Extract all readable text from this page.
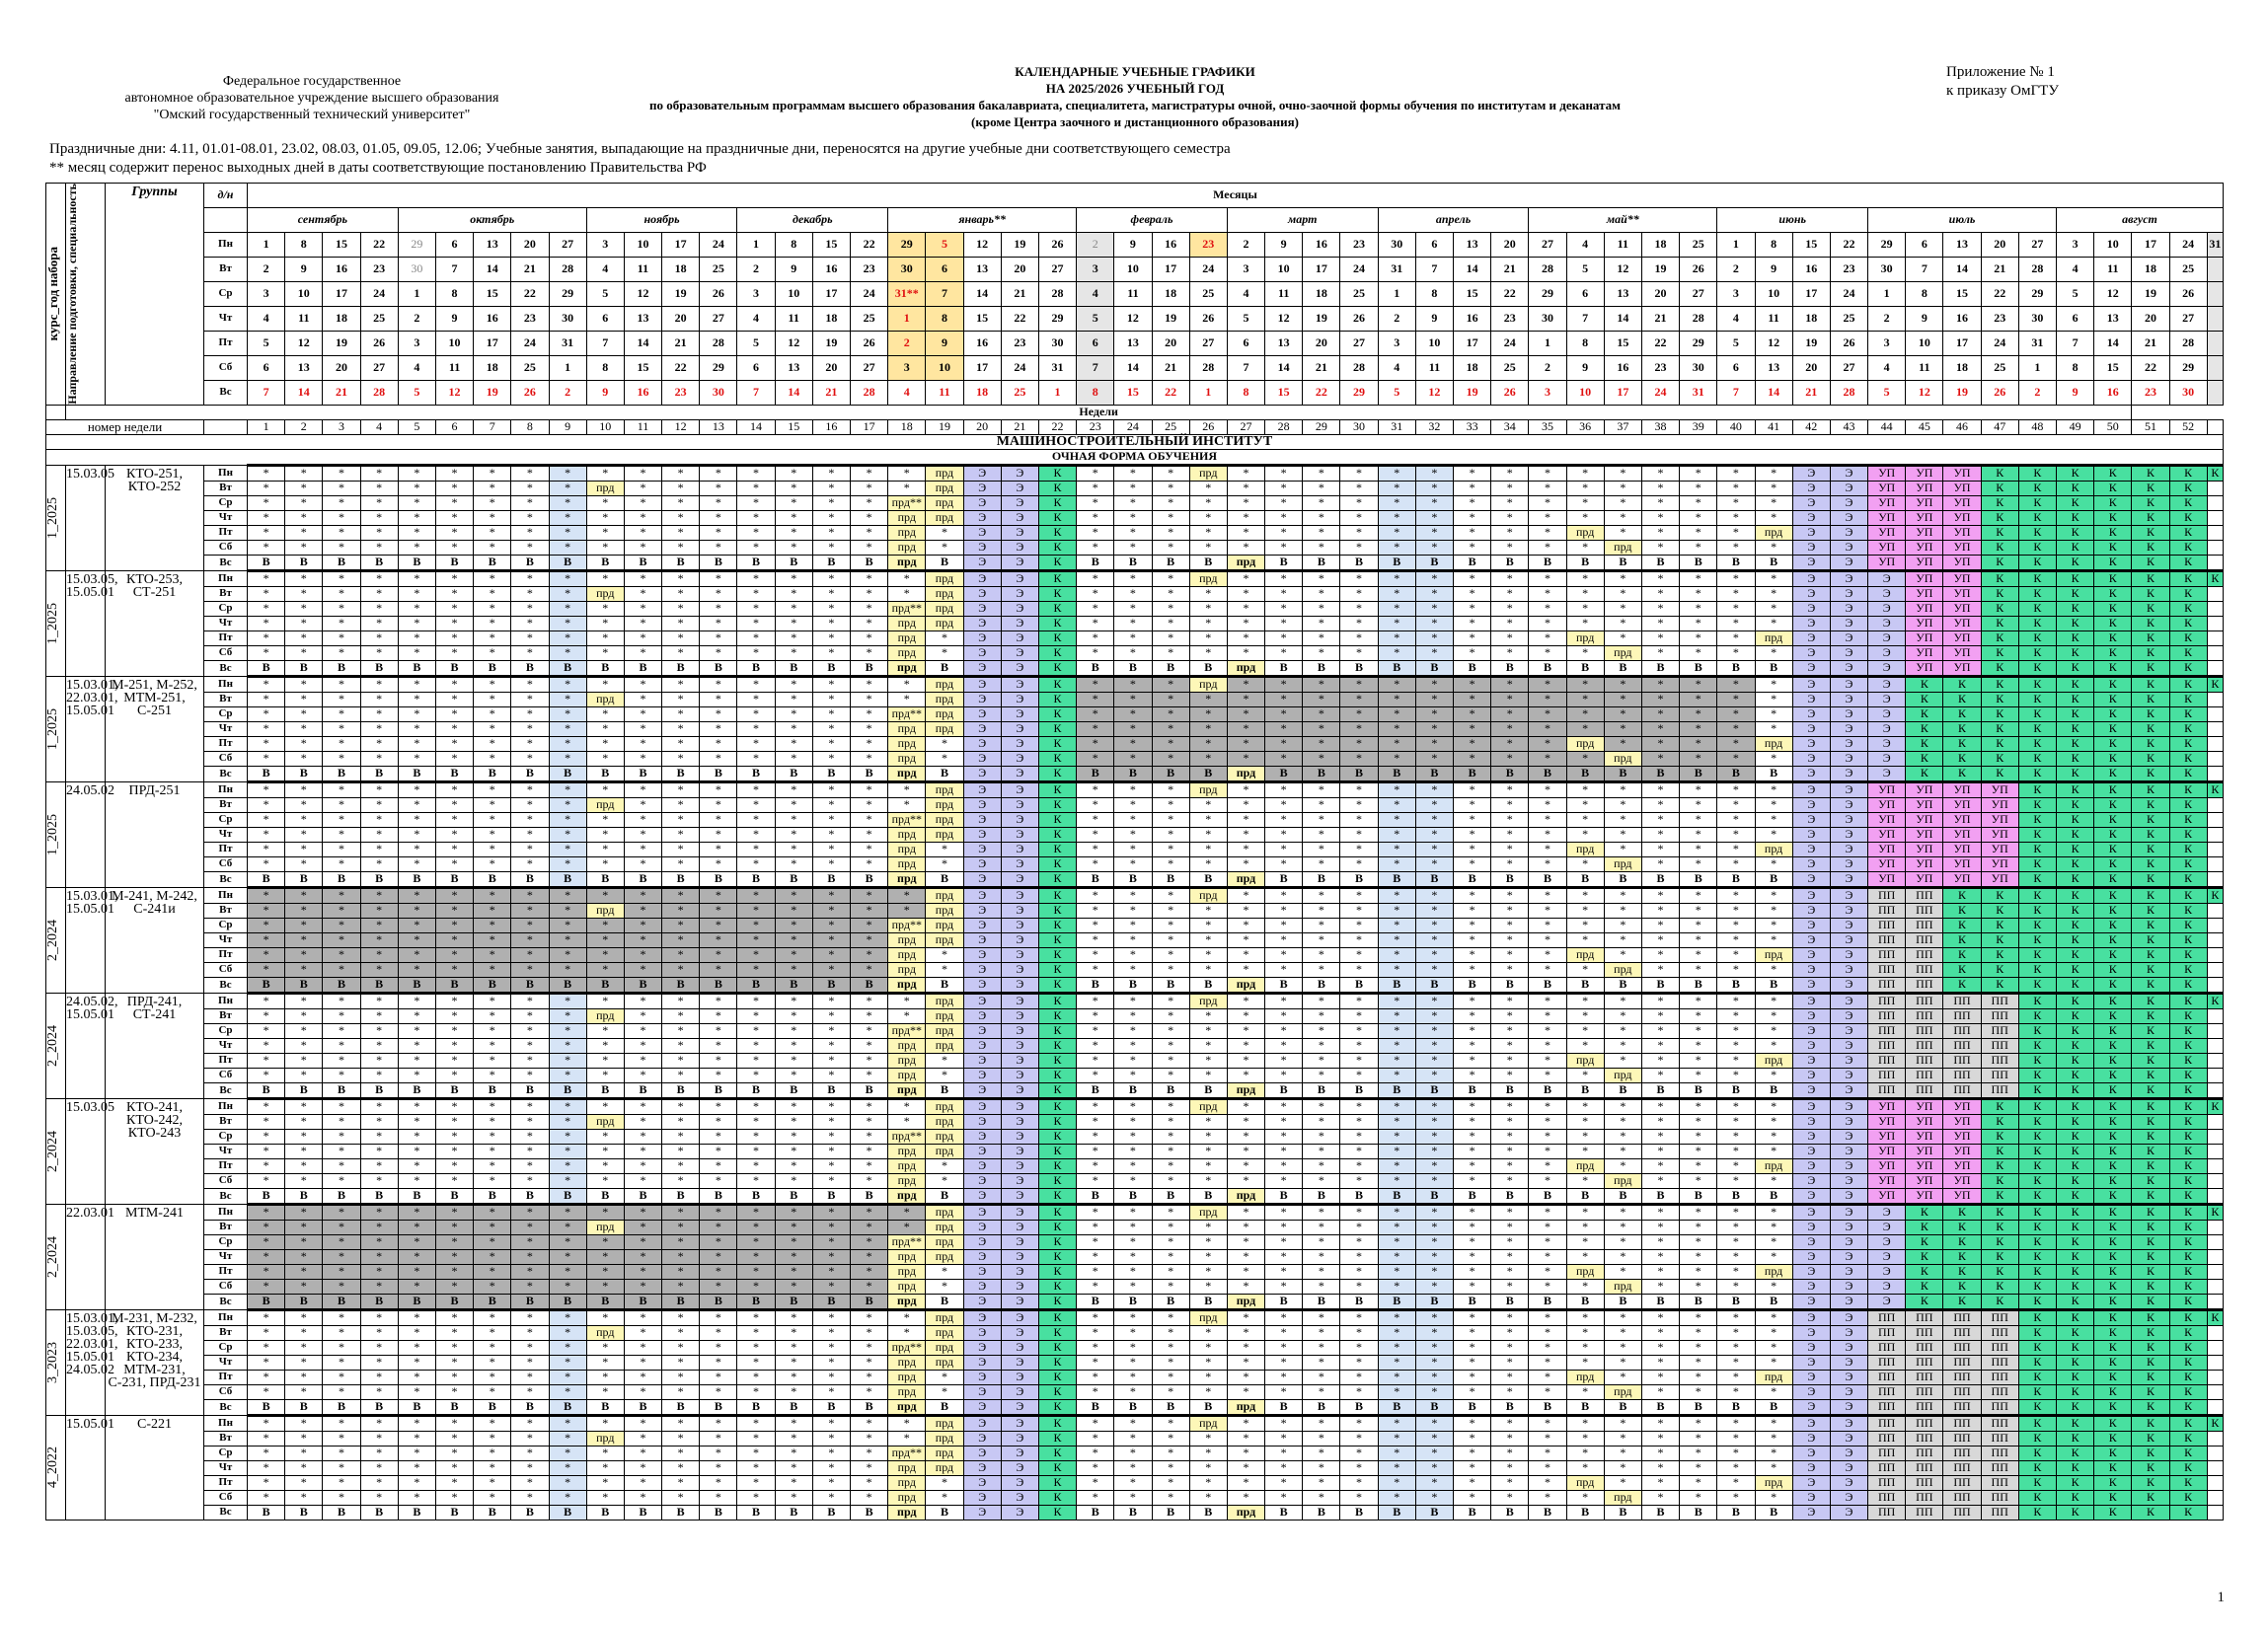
Федеральное государственное
автономное образовательное учреждение высшего образования
"Омский государственный технический университет"
КАЛЕНДАРНЫЕ УЧЕБНЫЕ ГРАФИКИ
НА 2025/2026 УЧЕБНЫЙ ГОД
по образовательным программам высшего образования бакалавриата, специалитета, магистратуры очной, очно-заочной формы обучения по институтам и деканатам
(кроме Центра заочного и дистанционного образования)
Приложение № 1
к приказу ОмГТУ
Праздничные дни: 4.11, 01.01-08.01, 23.02, 08.03, 01.05, 09.05, 12.06; Учебные занятия, выпадающие на праздничные дни, переносятся на другие учебные дни соответствующего семестра
** месяц содержит перенос выходных дней в даты соответствующие постановлению Правительства РФ
курс_год набора	Направление подготовки, специальность	Группы	д/н	Месяцы																																																				
				сентябрь				октябрь					ноябрь				декабрь				январь**					февраль				март				апрель				май**					июнь				июль					август				
			Пн	1	8	15	22	29	6	13	20	27	3	10	17	24	1	8	15	22	29	5	12	19	26	2	9	16	23	2	9	16	23	30	6	13	20	27	4	11	18	25	1	8	15	22	29	6	13	20	27	3	10	17	24	31
			Вт	2	9	16	23	30	7	14	21	28	4	11	18	25	2	9	16	23	30	6	13	20	27	3	10	17	24	3	10	17	24	31	7	14	21	28	5	12	19	26	2	9	16	23	30	7	14	21	28	4	11	18	25	
			Ср	3	10	17	24	1	8	15	22	29	5	12	19	26	3	10	17	24	31**	7	14	21	28	4	11	18	25	4	11	18	25	1	8	15	22	29	6	13	20	27	3	10	17	24	1	8	15	22	29	5	12	19	26	
			Чт	4	11	18	25	2	9	16	23	30	6	13	20	27	4	11	18	25	1	8	15	22	29	5	12	19	26	5	12	19	26	2	9	16	23	30	7	14	21	28	4	11	18	25	2	9	16	23	30	6	13	20	27	
			Пт	5	12	19	26	3	10	17	24	31	7	14	21	28	5	12	19	26	2	9	16	23	30	6	13	20	27	6	13	20	27	3	10	17	24	1	8	15	22	29	5	12	19	26	3	10	17	24	31	7	14	21	28	
			Сб	6	13	20	27	4	11	18	25	1	8	15	22	29	6	13	20	27	3	10	17	24	31	7	14	21	28	7	14	21	28	4	11	18	25	2	9	16	23	30	6	13	20	27	4	11	18	25	1	8	15	22	29	
			Вс	7	14	21	28	5	12	19	26	2	9	16	23	30	7	14	21	28	4	11	18	25	1	8	15	22	1	8	15	22	29	5	12	19	26	3	10	17	24	31	7	14	21	28	5	12	19	26	2	9	16	23	30	
	Недели																																																							
номер недели				1	2	3	4	5	6	7	8	9	10	11	12	13	14	15	16	17	18	19	20	21	22	23	24	25	26	27	28	29	30	31	32	33	34	35	36	37	38	39	40	41	42	43	44	45	46	47	48	49	50	51	52	
МАШИНОСТРОИТЕЛЬНЫЙ ИНСТИТУТ																																																								
ОЧНАЯ ФОРМА ОБУЧЕНИЯ																																																								

1_2025	15.03.05	КТО-251, КТО-252	Пн	*	*	*	*	*	*	*	*	*	*	*	*	*	*	*	*	*	*	прд	Э	Э	К	*	*	*	прд	*	*	*	*	*	*	*	*	*	*	*	*	*	*	*	Э	Э	УП	УП	УП	К	К	К	К	К	К	К
			Вт	*	*	*	*	*	*	*	*	*	прд	*	*	*	*	*	*	*	*	прд	Э	Э	К	*	*	*	*	*	*	*	*	*	*	*	*	*	*	*	*	*	*	*	Э	Э	УП	УП	УП	К	К	К	К	К	К	
			Ср	*	*	*	*	*	*	*	*	*	*	*	*	*	*	*	*	*	прд**	прд	Э	Э	К	*	*	*	*	*	*	*	*	*	*	*	*	*	*	*	*	*	*	*	Э	Э	УП	УП	УП	К	К	К	К	К	К	
			Чт	*	*	*	*	*	*	*	*	*	*	*	*	*	*	*	*	*	прд	прд	Э	Э	К	*	*	*	*	*	*	*	*	*	*	*	*	*	*	*	*	*	*	*	Э	Э	УП	УП	УП	К	К	К	К	К	К	
			Пт	*	*	*	*	*	*	*	*	*	*	*	*	*	*	*	*	*	прд	*	Э	Э	К	*	*	*	*	*	*	*	*	*	*	*	*	*	прд	*	*	*	*	прд	Э	Э	УП	УП	УП	К	К	К	К	К	К	
			Сб	*	*	*	*	*	*	*	*	*	*	*	*	*	*	*	*	*	прд	*	Э	Э	К	*	*	*	*	*	*	*	*	*	*	*	*	*	*	прд	*	*	*	*	Э	Э	УП	УП	УП	К	К	К	К	К	К	
			Вс	В	В	В	В	В	В	В	В	В	В	В	В	В	В	В	В	В	прд	В	Э	Э	К	В	В	В	В	прд	В	В	В	В	В	В	В	В	В	В	В	В	В	В	Э	Э	УП	УП	УП	К	К	К	К	К	К	

1_2025	15.03.05, 15.05.01	КТО-253, СТ-251	Пн	*	*	*	*	*	*	*	*	*	*	*	*	*	*	*	*	*	*	прд	Э	Э	К	*	*	*	прд	*	*	*	*	*	*	*	*	*	*	*	*	*	*	*	Э	Э	Э	УП	УП	К	К	К	К	К	К	К
			Вт	*	*	*	*	*	*	*	*	*	прд	*	*	*	*	*	*	*	*	прд	Э	Э	К	*	*	*	*	*	*	*	*	*	*	*	*	*	*	*	*	*	*	*	Э	Э	Э	УП	УП	К	К	К	К	К	К	
			Ср	*	*	*	*	*	*	*	*	*	*	*	*	*	*	*	*	*	прд**	прд	Э	Э	К	*	*	*	*	*	*	*	*	*	*	*	*	*	*	*	*	*	*	*	Э	Э	Э	УП	УП	К	К	К	К	К	К	
			Чт	*	*	*	*	*	*	*	*	*	*	*	*	*	*	*	*	*	прд	прд	Э	Э	К	*	*	*	*	*	*	*	*	*	*	*	*	*	*	*	*	*	*	*	Э	Э	Э	УП	УП	К	К	К	К	К	К	
			Пт	*	*	*	*	*	*	*	*	*	*	*	*	*	*	*	*	*	прд	*	Э	Э	К	*	*	*	*	*	*	*	*	*	*	*	*	*	прд	*	*	*	*	прд	Э	Э	Э	УП	УП	К	К	К	К	К	К	
			Сб	*	*	*	*	*	*	*	*	*	*	*	*	*	*	*	*	*	прд	*	Э	Э	К	*	*	*	*	*	*	*	*	*	*	*	*	*	*	прд	*	*	*	*	Э	Э	Э	УП	УП	К	К	К	К	К	К	
			Вс	В	В	В	В	В	В	В	В	В	В	В	В	В	В	В	В	В	прд	В	Э	Э	К	В	В	В	В	прд	В	В	В	В	В	В	В	В	В	В	В	В	В	В	Э	Э	Э	УП	УП	К	К	К	К	К	К	

1_2025	15.03.01, 22.03.01, 15.05.01	М-251, М-252, МТМ-251, С-251	Пн	*	*	*	*	*	*	*	*	*	*	*	*	*	*	*	*	*	*	прд	Э	Э	К	*	*	*	прд	*	*	*	*	*	*	*	*	*	*	*	*	*	*	*	Э	Э	Э	К	К	К	К	К	К	К	К	К
			Вт	*	*	*	*	*	*	*	*	*	прд	*	*	*	*	*	*	*	*	прд	Э	Э	К	*	*	*	*	*	*	*	*	*	*	*	*	*	*	*	*	*	*	*	Э	Э	Э	К	К	К	К	К	К	К	К	
			Ср	*	*	*	*	*	*	*	*	*	*	*	*	*	*	*	*	*	прд**	прд	Э	Э	К	*	*	*	*	*	*	*	*	*	*	*	*	*	*	*	*	*	*	*	Э	Э	Э	К	К	К	К	К	К	К	К	
			Чт	*	*	*	*	*	*	*	*	*	*	*	*	*	*	*	*	*	прд	прд	Э	Э	К	*	*	*	*	*	*	*	*	*	*	*	*	*	*	*	*	*	*	*	Э	Э	Э	К	К	К	К	К	К	К	К	
			Пт	*	*	*	*	*	*	*	*	*	*	*	*	*	*	*	*	*	прд	*	Э	Э	К	*	*	*	*	*	*	*	*	*	*	*	*	*	прд	*	*	*	*	прд	Э	Э	Э	К	К	К	К	К	К	К	К	
			Сб	*	*	*	*	*	*	*	*	*	*	*	*	*	*	*	*	*	прд	*	Э	Э	К	*	*	*	*	*	*	*	*	*	*	*	*	*	*	прд	*	*	*	*	Э	Э	Э	К	К	К	К	К	К	К	К	
			Вс	В	В	В	В	В	В	В	В	В	В	В	В	В	В	В	В	В	прд	В	Э	Э	К	В	В	В	В	прд	В	В	В	В	В	В	В	В	В	В	В	В	В	В	Э	Э	Э	К	К	К	К	К	К	К	К	

1_2025	24.05.02	ПРД-251	Пн	*	*	*	*	*	*	*	*	*	*	*	*	*	*	*	*	*	*	прд	Э	Э	К	*	*	*	прд	*	*	*	*	*	*	*	*	*	*	*	*	*	*	*	Э	Э	УП	УП	УП	УП	К	К	К	К	К	К
			Вт	*	*	*	*	*	*	*	*	*	прд	*	*	*	*	*	*	*	*	прд	Э	Э	К	*	*	*	*	*	*	*	*	*	*	*	*	*	*	*	*	*	*	*	Э	Э	УП	УП	УП	УП	К	К	К	К	К	
			Ср	*	*	*	*	*	*	*	*	*	*	*	*	*	*	*	*	*	прд**	прд	Э	Э	К	*	*	*	*	*	*	*	*	*	*	*	*	*	*	*	*	*	*	*	Э	Э	УП	УП	УП	УП	К	К	К	К	К	
			Чт	*	*	*	*	*	*	*	*	*	*	*	*	*	*	*	*	*	прд	прд	Э	Э	К	*	*	*	*	*	*	*	*	*	*	*	*	*	*	*	*	*	*	*	Э	Э	УП	УП	УП	УП	К	К	К	К	К	
			Пт	*	*	*	*	*	*	*	*	*	*	*	*	*	*	*	*	*	прд	*	Э	Э	К	*	*	*	*	*	*	*	*	*	*	*	*	*	прд	*	*	*	*	прд	Э	Э	УП	УП	УП	УП	К	К	К	К	К	
			Сб	*	*	*	*	*	*	*	*	*	*	*	*	*	*	*	*	*	прд	*	Э	Э	К	*	*	*	*	*	*	*	*	*	*	*	*	*	*	прд	*	*	*	*	Э	Э	УП	УП	УП	УП	К	К	К	К	К	
			Вс	В	В	В	В	В	В	В	В	В	В	В	В	В	В	В	В	В	прд	В	Э	Э	К	В	В	В	В	прд	В	В	В	В	В	В	В	В	В	В	В	В	В	В	Э	Э	УП	УП	УП	УП	К	К	К	К	К	

2_2024	15.03.01, 15.05.01	М-241, М-242, С-241и	Пн	*	*	*	*	*	*	*	*	*	*	*	*	*	*	*	*	*	*	прд	Э	Э	К	*	*	*	прд	*	*	*	*	*	*	*	*	*	*	*	*	*	*	*	Э	Э	ПП	ПП	К	К	К	К	К	К	К	К
			Вт	*	*	*	*	*	*	*	*	*	прд	*	*	*	*	*	*	*	*	прд	Э	Э	К	*	*	*	*	*	*	*	*	*	*	*	*	*	*	*	*	*	*	*	Э	Э	ПП	ПП	К	К	К	К	К	К	К	
			Ср	*	*	*	*	*	*	*	*	*	*	*	*	*	*	*	*	*	прд**	прд	Э	Э	К	*	*	*	*	*	*	*	*	*	*	*	*	*	*	*	*	*	*	*	Э	Э	ПП	ПП	К	К	К	К	К	К	К	
			Чт	*	*	*	*	*	*	*	*	*	*	*	*	*	*	*	*	*	прд	прд	Э	Э	К	*	*	*	*	*	*	*	*	*	*	*	*	*	*	*	*	*	*	*	Э	Э	ПП	ПП	К	К	К	К	К	К	К	
			Пт	*	*	*	*	*	*	*	*	*	*	*	*	*	*	*	*	*	прд	*	Э	Э	К	*	*	*	*	*	*	*	*	*	*	*	*	*	прд	*	*	*	*	прд	Э	Э	ПП	ПП	К	К	К	К	К	К	К	
			Сб	*	*	*	*	*	*	*	*	*	*	*	*	*	*	*	*	*	прд	*	Э	Э	К	*	*	*	*	*	*	*	*	*	*	*	*	*	*	прд	*	*	*	*	Э	Э	ПП	ПП	К	К	К	К	К	К	К	
			Вс	В	В	В	В	В	В	В	В	В	В	В	В	В	В	В	В	В	прд	В	Э	Э	К	В	В	В	В	прд	В	В	В	В	В	В	В	В	В	В	В	В	В	В	Э	Э	ПП	ПП	К	К	К	К	К	К	К	

2_2024	24.05.02, 15.05.01	ПРД-241, СТ-241	Пн	*	*	*	*	*	*	*	*	*	*	*	*	*	*	*	*	*	*	прд	Э	Э	К	*	*	*	прд	*	*	*	*	*	*	*	*	*	*	*	*	*	*	*	Э	Э	ПП	ПП	ПП	ПП	К	К	К	К	К	К
			Вт	*	*	*	*	*	*	*	*	*	прд	*	*	*	*	*	*	*	*	прд	Э	Э	К	*	*	*	*	*	*	*	*	*	*	*	*	*	*	*	*	*	*	*	Э	Э	ПП	ПП	ПП	ПП	К	К	К	К	К	
			Ср	*	*	*	*	*	*	*	*	*	*	*	*	*	*	*	*	*	прд**	прд	Э	Э	К	*	*	*	*	*	*	*	*	*	*	*	*	*	*	*	*	*	*	*	Э	Э	ПП	ПП	ПП	ПП	К	К	К	К	К	
			Чт	*	*	*	*	*	*	*	*	*	*	*	*	*	*	*	*	*	прд	прд	Э	Э	К	*	*	*	*	*	*	*	*	*	*	*	*	*	*	*	*	*	*	*	Э	Э	ПП	ПП	ПП	ПП	К	К	К	К	К	
			Пт	*	*	*	*	*	*	*	*	*	*	*	*	*	*	*	*	*	прд	*	Э	Э	К	*	*	*	*	*	*	*	*	*	*	*	*	*	прд	*	*	*	*	прд	Э	Э	ПП	ПП	ПП	ПП	К	К	К	К	К	
			Сб	*	*	*	*	*	*	*	*	*	*	*	*	*	*	*	*	*	прд	*	Э	Э	К	*	*	*	*	*	*	*	*	*	*	*	*	*	*	прд	*	*	*	*	Э	Э	ПП	ПП	ПП	ПП	К	К	К	К	К	
			Вс	В	В	В	В	В	В	В	В	В	В	В	В	В	В	В	В	В	прд	В	Э	Э	К	В	В	В	В	прд	В	В	В	В	В	В	В	В	В	В	В	В	В	В	Э	Э	ПП	ПП	ПП	ПП	К	К	К	К	К	

2_2024	15.03.05	КТО-241, КТО-242, КТО-243	Пн	*	*	*	*	*	*	*	*	*	*	*	*	*	*	*	*	*	*	прд	Э	Э	К	*	*	*	прд	*	*	*	*	*	*	*	*	*	*	*	*	*	*	*	Э	Э	УП	УП	УП	К	К	К	К	К	К	К
			Вт	*	*	*	*	*	*	*	*	*	прд	*	*	*	*	*	*	*	*	прд	Э	Э	К	*	*	*	*	*	*	*	*	*	*	*	*	*	*	*	*	*	*	*	Э	Э	УП	УП	УП	К	К	К	К	К	К	
			Ср	*	*	*	*	*	*	*	*	*	*	*	*	*	*	*	*	*	прд**	прд	Э	Э	К	*	*	*	*	*	*	*	*	*	*	*	*	*	*	*	*	*	*	*	Э	Э	УП	УП	УП	К	К	К	К	К	К	
			Чт	*	*	*	*	*	*	*	*	*	*	*	*	*	*	*	*	*	прд	прд	Э	Э	К	*	*	*	*	*	*	*	*	*	*	*	*	*	*	*	*	*	*	*	Э	Э	УП	УП	УП	К	К	К	К	К	К	
			Пт	*	*	*	*	*	*	*	*	*	*	*	*	*	*	*	*	*	прд	*	Э	Э	К	*	*	*	*	*	*	*	*	*	*	*	*	*	прд	*	*	*	*	прд	Э	Э	УП	УП	УП	К	К	К	К	К	К	
			Сб	*	*	*	*	*	*	*	*	*	*	*	*	*	*	*	*	*	прд	*	Э	Э	К	*	*	*	*	*	*	*	*	*	*	*	*	*	*	прд	*	*	*	*	Э	Э	УП	УП	УП	К	К	К	К	К	К	
			Вс	В	В	В	В	В	В	В	В	В	В	В	В	В	В	В	В	В	прд	В	Э	Э	К	В	В	В	В	прд	В	В	В	В	В	В	В	В	В	В	В	В	В	В	Э	Э	УП	УП	УП	К	К	К	К	К	К	

2_2024	22.03.01	МТМ-241	Пн	*	*	*	*	*	*	*	*	*	*	*	*	*	*	*	*	*	*	прд	Э	Э	К	*	*	*	прд	*	*	*	*	*	*	*	*	*	*	*	*	*	*	*	Э	Э	Э	К	К	К	К	К	К	К	К	К
			Вт	*	*	*	*	*	*	*	*	*	прд	*	*	*	*	*	*	*	*	прд	Э	Э	К	*	*	*	*	*	*	*	*	*	*	*	*	*	*	*	*	*	*	*	Э	Э	Э	К	К	К	К	К	К	К	К	
			Ср	*	*	*	*	*	*	*	*	*	*	*	*	*	*	*	*	*	прд**	прд	Э	Э	К	*	*	*	*	*	*	*	*	*	*	*	*	*	*	*	*	*	*	*	Э	Э	Э	К	К	К	К	К	К	К	К	
			Чт	*	*	*	*	*	*	*	*	*	*	*	*	*	*	*	*	*	прд	прд	Э	Э	К	*	*	*	*	*	*	*	*	*	*	*	*	*	*	*	*	*	*	*	Э	Э	Э	К	К	К	К	К	К	К	К	
			Пт	*	*	*	*	*	*	*	*	*	*	*	*	*	*	*	*	*	прд	*	Э	Э	К	*	*	*	*	*	*	*	*	*	*	*	*	*	прд	*	*	*	*	прд	Э	Э	Э	К	К	К	К	К	К	К	К	
			Сб	*	*	*	*	*	*	*	*	*	*	*	*	*	*	*	*	*	прд	*	Э	Э	К	*	*	*	*	*	*	*	*	*	*	*	*	*	*	прд	*	*	*	*	Э	Э	Э	К	К	К	К	К	К	К	К	
			Вс	В	В	В	В	В	В	В	В	В	В	В	В	В	В	В	В	В	прд	В	Э	Э	К	В	В	В	В	прд	В	В	В	В	В	В	В	В	В	В	В	В	В	В	Э	Э	Э	К	К	К	К	К	К	К	К	

3_2023	15.03.01, 15.03.05, 22.03.01, 15.05.01 24.05.02	М-231, М-232, КТО-231, КТО-233, КТО-234, МТМ-231, С-231, ПРД-231	Пн	*	*	*	*	*	*	*	*	*	*	*	*	*	*	*	*	*	*	прд	Э	Э	К	*	*	*	прд	*	*	*	*	*	*	*	*	*	*	*	*	*	*	*	Э	Э	ПП	ПП	ПП	ПП	К	К	К	К	К	К
			Вт	*	*	*	*	*	*	*	*	*	прд	*	*	*	*	*	*	*	*	прд	Э	Э	К	*	*	*	*	*	*	*	*	*	*	*	*	*	*	*	*	*	*	*	Э	Э	ПП	ПП	ПП	ПП	К	К	К	К	К	
			Ср	*	*	*	*	*	*	*	*	*	*	*	*	*	*	*	*	*	прд**	прд	Э	Э	К	*	*	*	*	*	*	*	*	*	*	*	*	*	*	*	*	*	*	*	Э	Э	ПП	ПП	ПП	ПП	К	К	К	К	К	
			Чт	*	*	*	*	*	*	*	*	*	*	*	*	*	*	*	*	*	прд	прд	Э	Э	К	*	*	*	*	*	*	*	*	*	*	*	*	*	*	*	*	*	*	*	Э	Э	ПП	ПП	ПП	ПП	К	К	К	К	К	
			Пт	*	*	*	*	*	*	*	*	*	*	*	*	*	*	*	*	*	прд	*	Э	Э	К	*	*	*	*	*	*	*	*	*	*	*	*	*	прд	*	*	*	*	прд	Э	Э	ПП	ПП	ПП	ПП	К	К	К	К	К	
			Сб	*	*	*	*	*	*	*	*	*	*	*	*	*	*	*	*	*	прд	*	Э	Э	К	*	*	*	*	*	*	*	*	*	*	*	*	*	*	прд	*	*	*	*	Э	Э	ПП	ПП	ПП	ПП	К	К	К	К	К	
			Вс	В	В	В	В	В	В	В	В	В	В	В	В	В	В	В	В	В	прд	В	Э	Э	К	В	В	В	В	прд	В	В	В	В	В	В	В	В	В	В	В	В	В	В	Э	Э	ПП	ПП	ПП	ПП	К	К	К	К	К	

4_2022	15.05.01	С-221	Пн	*	*	*	*	*	*	*	*	*	*	*	*	*	*	*	*	*	*	прд	Э	Э	К	*	*	*	прд	*	*	*	*	*	*	*	*	*	*	*	*	*	*	*	Э	Э	ПП	ПП	ПП	ПП	К	К	К	К	К	К
			Вт	*	*	*	*	*	*	*	*	*	прд	*	*	*	*	*	*	*	*	прд	Э	Э	К	*	*	*	*	*	*	*	*	*	*	*	*	*	*	*	*	*	*	*	Э	Э	ПП	ПП	ПП	ПП	К	К	К	К	К	
			Ср	*	*	*	*	*	*	*	*	*	*	*	*	*	*	*	*	*	прд**	прд	Э	Э	К	*	*	*	*	*	*	*	*	*	*	*	*	*	*	*	*	*	*	*	Э	Э	ПП	ПП	ПП	ПП	К	К	К	К	К	
			Чт	*	*	*	*	*	*	*	*	*	*	*	*	*	*	*	*	*	прд	прд	Э	Э	К	*	*	*	*	*	*	*	*	*	*	*	*	*	*	*	*	*	*	*	Э	Э	ПП	ПП	ПП	ПП	К	К	К	К	К	
			Пт	*	*	*	*	*	*	*	*	*	*	*	*	*	*	*	*	*	прд	*	Э	Э	К	*	*	*	*	*	*	*	*	*	*	*	*	*	прд	*	*	*	*	прд	Э	Э	ПП	ПП	ПП	ПП	К	К	К	К	К	
			Сб	*	*	*	*	*	*	*	*	*	*	*	*	*	*	*	*	*	прд	*	Э	Э	К	*	*	*	*	*	*	*	*	*	*	*	*	*	*	прд	*	*	*	*	Э	Э	ПП	ПП	ПП	ПП	К	К	К	К	К	
			Вс	В	В	В	В	В	В	В	В	В	В	В	В	В	В	В	В	В	прд	В	Э	Э	К	В	В	В	В	прд	В	В	В	В	В	В	В	В	В	В	В	В	В	В	Э	Э	ПП	ПП	ПП	ПП	К	К	К	К	К	
1
